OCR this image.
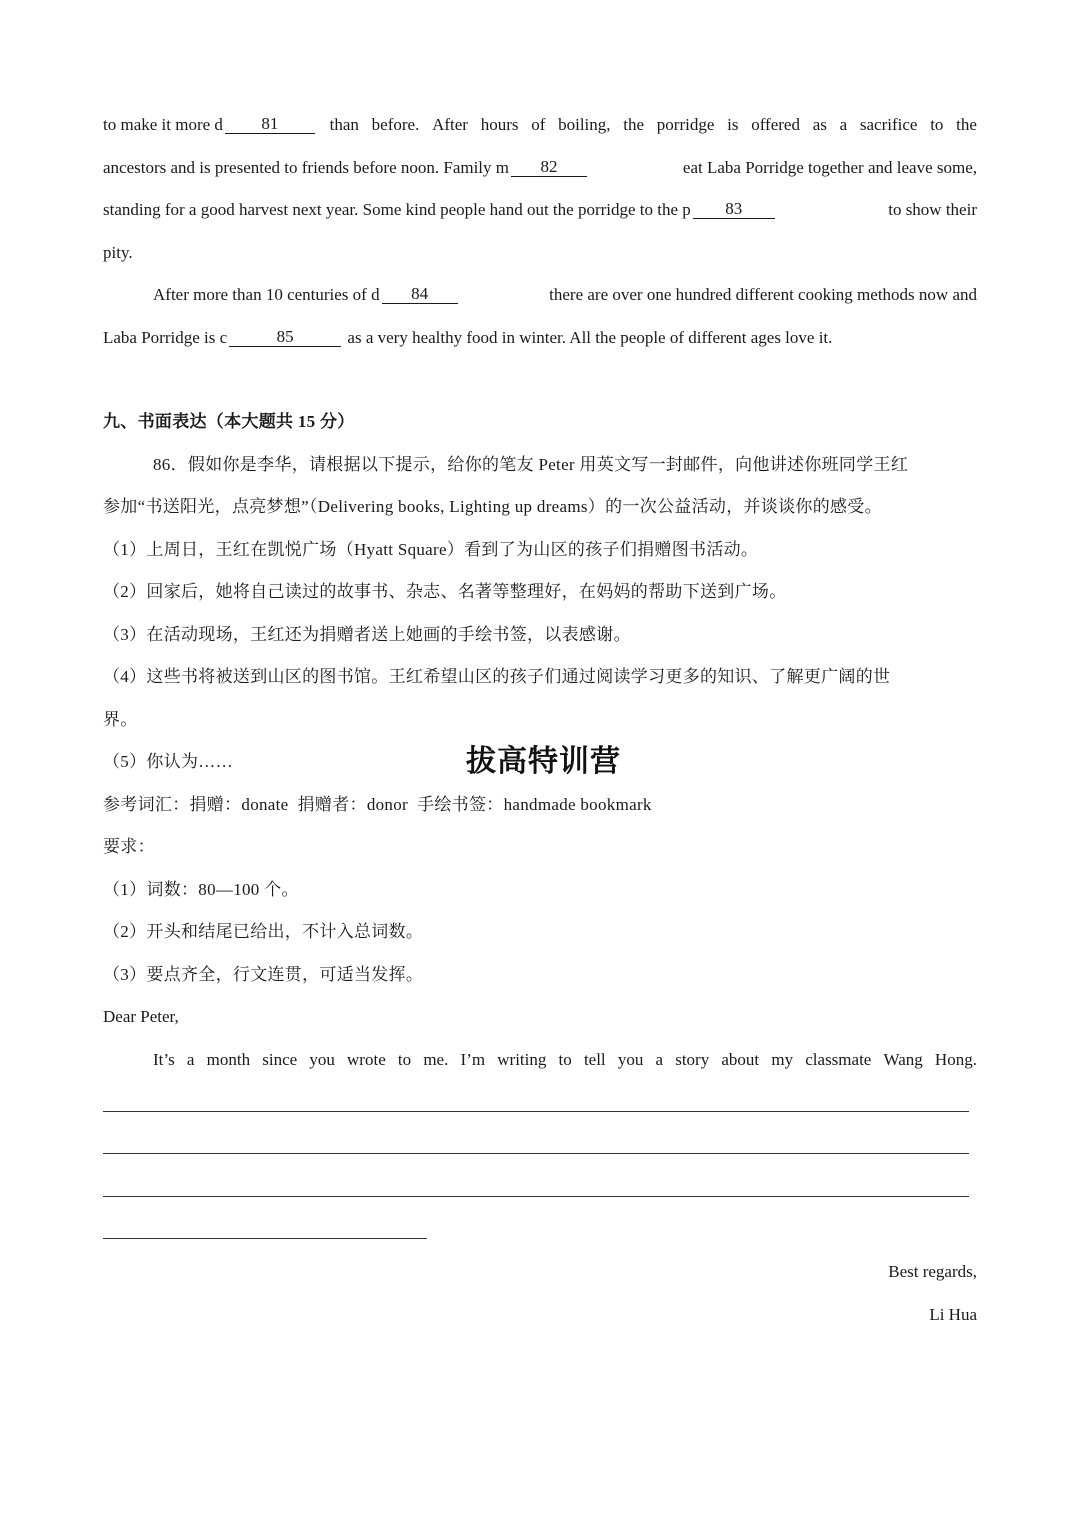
to make it more d 81	than before. After hours of boiling, the porridge is offered as a sacrifice to the
ancestors and is presented to friends before noon. Family m 82	eat Laba Porridge together and leave some,
standing for a good harvest next year. Some kind people hand out the porridge to the p 83	to show their
pity.
After more than 10 centuries of d 84	there are over one hundred different cooking methods now and
Laba Porridge is c	85	as a very healthy food in winter. All the people of different ages love it.
九、书面表达（本大题共 15 分）
86．假如你是李华，请根据以下提示，给你的笔友 Peter 用英文写一封邮件，向他讲述你班同学王红
参加“书送阳光，点亮梦想”（Delivering books, Lighting up dreams）的一次公益活动，并谈谈你的感受。
（1）上周日，王红在凯悦广场（Hyatt Square）看到了为山区的孩子们捐赠图书活动。
（2）回家后，她将自己读过的故事书、杂志、名著等整理好，在妈妈的帮助下送到广场。
（3）在活动现场，王红还为捐赠者送上她画的手绘书签，以表感谢。
（4）这些书将被送到山区的图书馆。王红希望山区的孩子们通过阅读学习更多的知识、了解更广阔的世
界。
（5）你认为……
参考词汇：捐赠：donate  捐赠者：donor  手绘书签：handmade bookmark
要求：
（1）词数：80—100 个。
（2）开头和结尾已给出，不计入总词数。
（3）要点齐全，行文连贯，可适当发挥。
Dear Peter,
It’s a month since you wrote to me. I’m writing to tell you a story about my classmate Wang Hong.
Best regards,
Li Hua
拔高特训营
